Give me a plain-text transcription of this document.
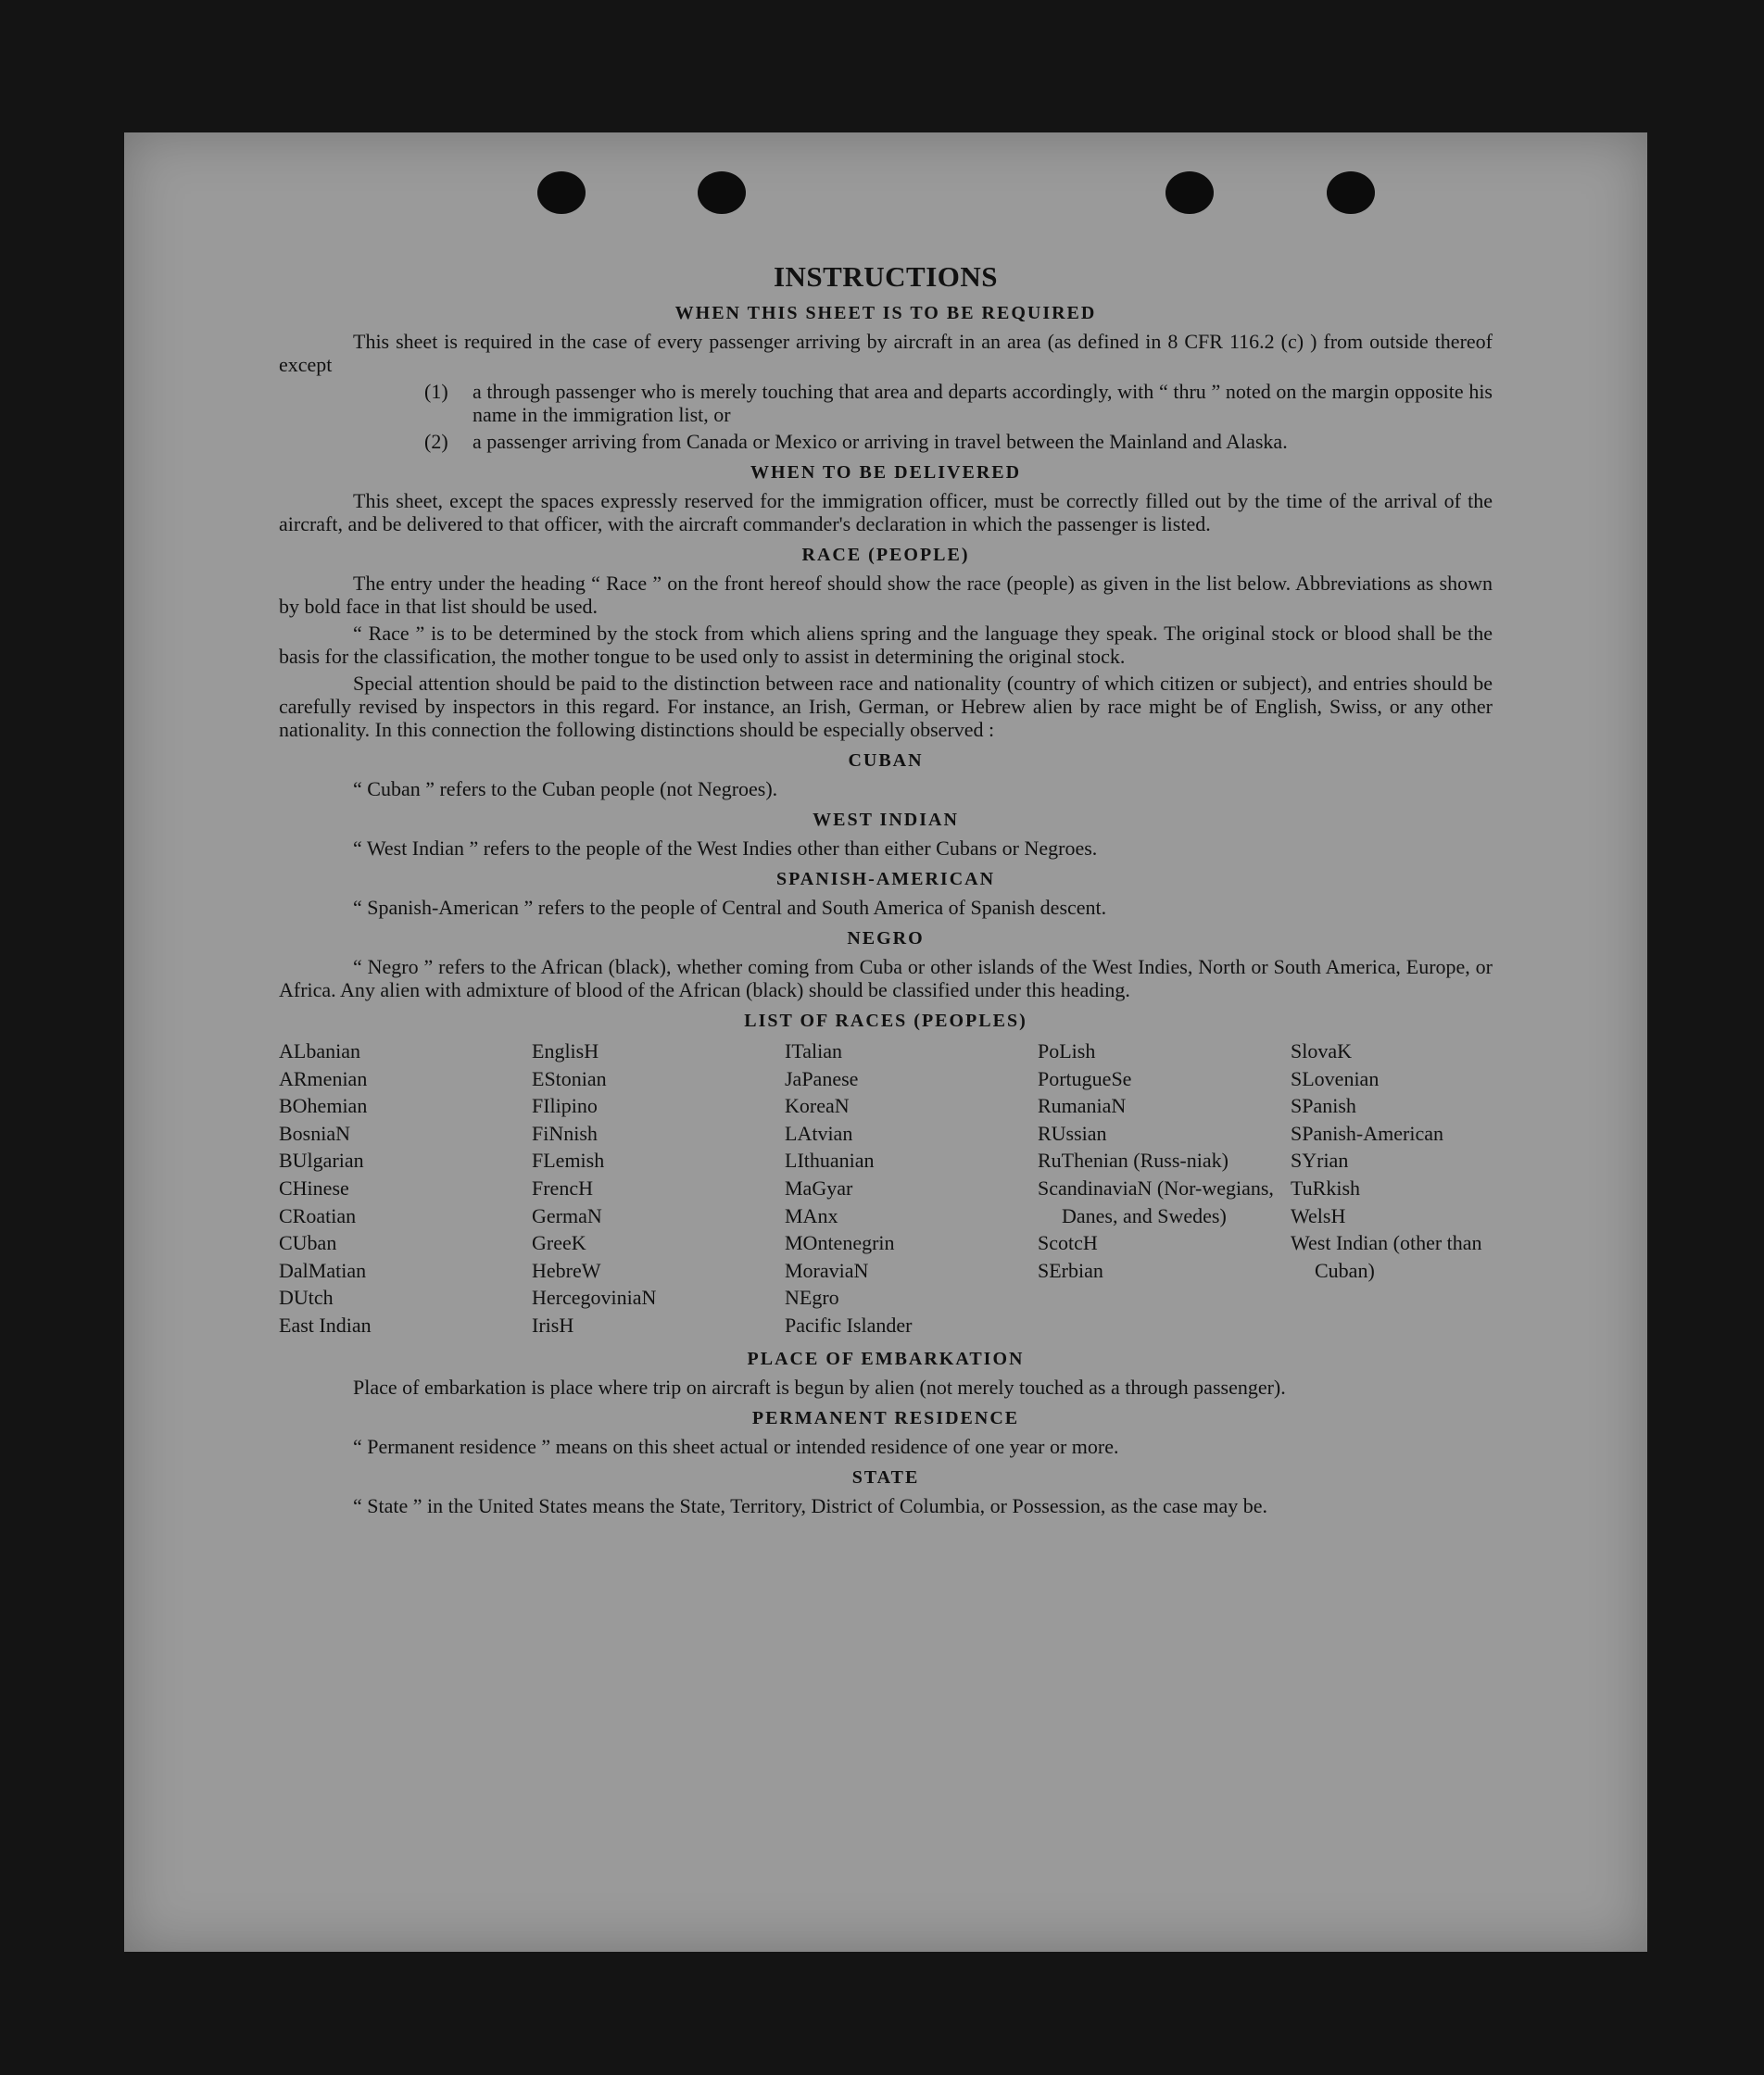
INSTRUCTIONS
WHEN THIS SHEET IS TO BE REQUIRED

This sheet is required in the case of every passenger arriving by aircraft in an area (as defined in 8 CFR 116.2 (c) ) from outside thereof except

(1)	a through passenger who is merely touching that area and departs accordingly, with “ thru ” noted on the margin opposite his name in the immigration list, or
(2)	a passenger arriving from Canada or Mexico or arriving in travel between the Mainland and Alaska.
WHEN TO BE DELIVERED

This sheet, except the spaces expressly reserved for the immigration officer, must be correctly filled out by the time of the arrival of the aircraft, and be delivered to that officer, with the aircraft commander's declaration in which the passenger is listed.

RACE (PEOPLE)

The entry under the heading “ Race ” on the front hereof should show the race (people) as given in the list below. Abbreviations as shown by bold face in that list should be used.

“ Race ” is to be determined by the stock from which aliens spring and the language they speak. The original stock or blood shall be the basis for the classification, the mother tongue to be used only to assist in determining the original stock.

Special attention should be paid to the distinction between race and nationality (country of which citizen or subject), and entries should be carefully revised by inspectors in this regard. For instance, an Irish, German, or Hebrew alien by race might be of English, Swiss, or any other nationality. In this connection the following distinctions should be especially observed :

CUBAN

“ Cuban ” refers to the Cuban people (not Negroes).

WEST INDIAN

“ West Indian ” refers to the people of the West Indies other than either Cubans or Negroes.

SPANISH-AMERICAN

“ Spanish-American ” refers to the people of Central and South America of Spanish descent.

NEGRO

“ Negro ” refers to the African (black), whether coming from Cuba or other islands of the West Indies, North or South America, Europe, or Africa. Any alien with admixture of blood of the African (black) should be classified under this heading.

LIST OF RACES (PEOPLES)
ALbanian
ARmenian
BOhemian
BosniaN
BUlgarian
CHinese
CRoatian
CUban
DalMatian
DUtch
East Indian
EnglisH
EStonian
FIlipino
FiNnish
FLemish
FrencH
GermaN
GreeK
HebreW
HercegoviniaN
IrisH
ITalian
JaPanese
KoreaN
LAtvian
LIthuanian
MaGyar
MAnx
MOntenegrin
MoraviaN
NEgro
Pacific Islander
PoLish
PortugueSe
RumaniaN
RUssian
RuThenian (Russ-niak)
ScandinaviaN (Nor-wegians, Danes, and Swedes)
ScotcH
SErbian
SlovaK
SLovenian
SPanish
SPanish-American
SYrian
TuRkish
WelsH
West Indian (other than Cuban)
PLACE OF EMBARKATION

Place of embarkation is place where trip on aircraft is begun by alien (not merely touched as a through passenger).

PERMANENT RESIDENCE

“ Permanent residence ” means on this sheet actual or intended residence of one year or more.

STATE

“ State ” in the United States means the State, Territory, District of Columbia, or Possession, as the case may be.
